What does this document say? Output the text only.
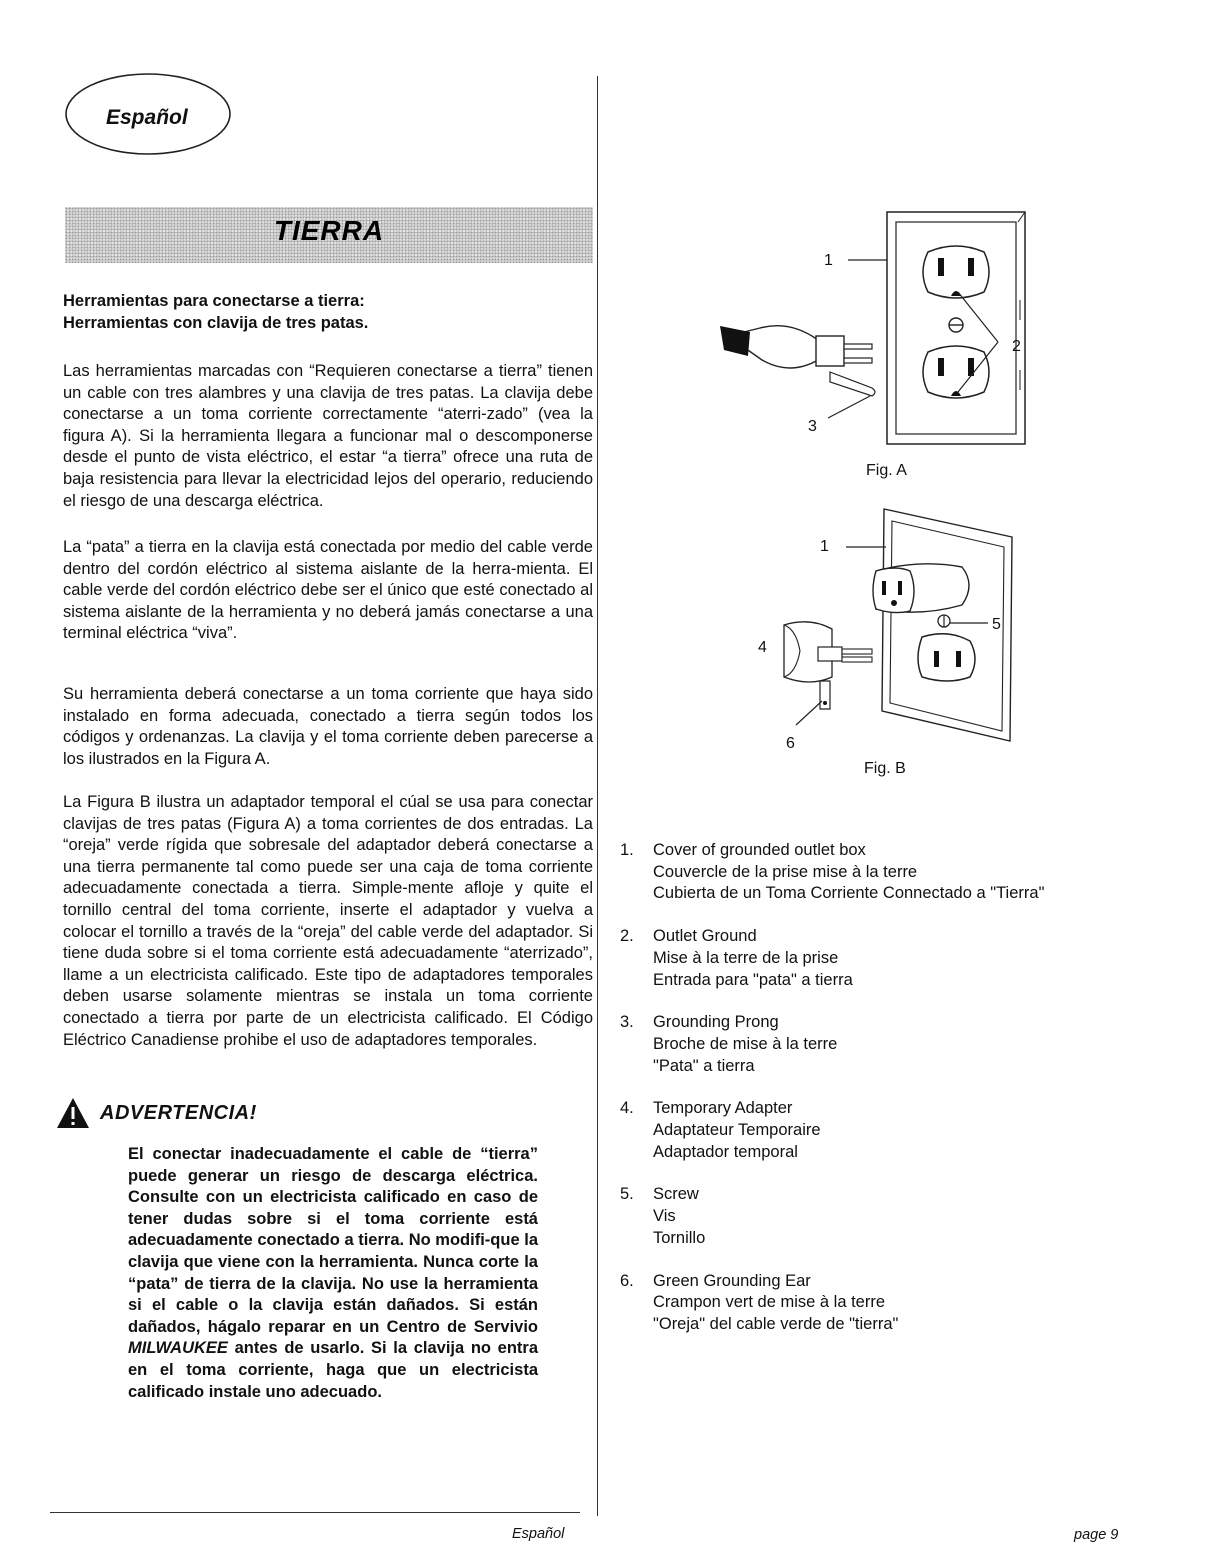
Español
TIERRA
Herramientas para conectarse a tierra:
Herramientas con clavija de tres patas.
Las herramientas marcadas con “Requieren conectarse a tierra” tienen un cable con tres alambres y una clavija de tres patas. La clavija debe conectarse a un toma corriente correctamente “aterri-zado” (vea la figura A). Si la herramienta llegara a funcionar mal o descomponerse desde el punto de vista eléctrico, el estar “a tierra” ofrece una ruta de baja resistencia para llevar la electricidad lejos del operario, reduciendo el riesgo de una descarga eléctrica.
La “pata” a tierra en la clavija está conectada por medio del cable verde dentro del cordón eléctrico al sistema aislante de la herra-mienta. El cable verde del cordón eléctrico debe ser el único que esté conectado al sistema aislante de la herramienta y no deberá jamás conectarse a una terminal eléctrica “viva”.
Su herramienta deberá conectarse a un toma corriente que haya sido instalado en forma adecuada, conectado a tierra según todos los códigos y ordenanzas. La clavija y el toma corriente deben parecerse a los ilustrados en la Figura A.
La Figura B ilustra un adaptador temporal el cúal se usa para conectar clavijas de tres patas (Figura A) a toma corrientes de dos entradas. La “oreja” verde rígida que sobresale del adaptador deberá conectarse a una tierra permanente tal como puede ser una caja de toma corriente adecuadamente conectada a tierra. Simple-mente afloje y quite el tornillo central del toma corriente, inserte el adaptador y vuelva a colocar el tornillo a través de la “oreja” del cable verde del adaptador. Si tiene duda sobre si el toma corriente está adecuadamente “aterrizado”, llame a un electricista calificado. Este tipo de adaptadores temporales deben usarse solamente mientras se instala un toma corriente conectado a tierra por parte de un electricista calificado. El Código Eléctrico Canadiense prohibe el uso de adaptadores temporales.
ADVERTENCIA!
El conectar inadecuadamente el cable de “tierra” puede generar un riesgo de descarga eléctrica. Consulte con un electricista calificado en caso de tener dudas sobre si el toma corriente está adecuadamente conectado a tierra. No modifi-que la clavija que viene con la herramienta. Nunca corte la “pata” de tierra de la clavija. No use la herramienta si el cable o la clavija están dañados. Si están dañados, hágalo reparar en un Centro de Servivio MILWAUKEE antes de usarlo. Si la clavija no entra en el toma corriente, haga que un electricista calificado instale uno adecuado.
1
2
3
Fig. A
1
4
5
6
Fig. B
1. Cover of grounded outlet box
Couvercle de la prise mise à la terre
Cubierta de un Toma Corriente Connectado a "Tierra"
2. Outlet Ground
Mise à la terre de la prise
Entrada para "pata" a tierra
3. Grounding Prong
Broche de mise à la terre
"Pata" a tierra
4. Temporary Adapter
Adaptateur Temporaire
Adaptador temporal
5. Screw
Vis
Tornillo
6. Green Grounding Ear
Crampon vert de mise à la terre
"Oreja" del cable verde de "tierra"
Español	page 9
